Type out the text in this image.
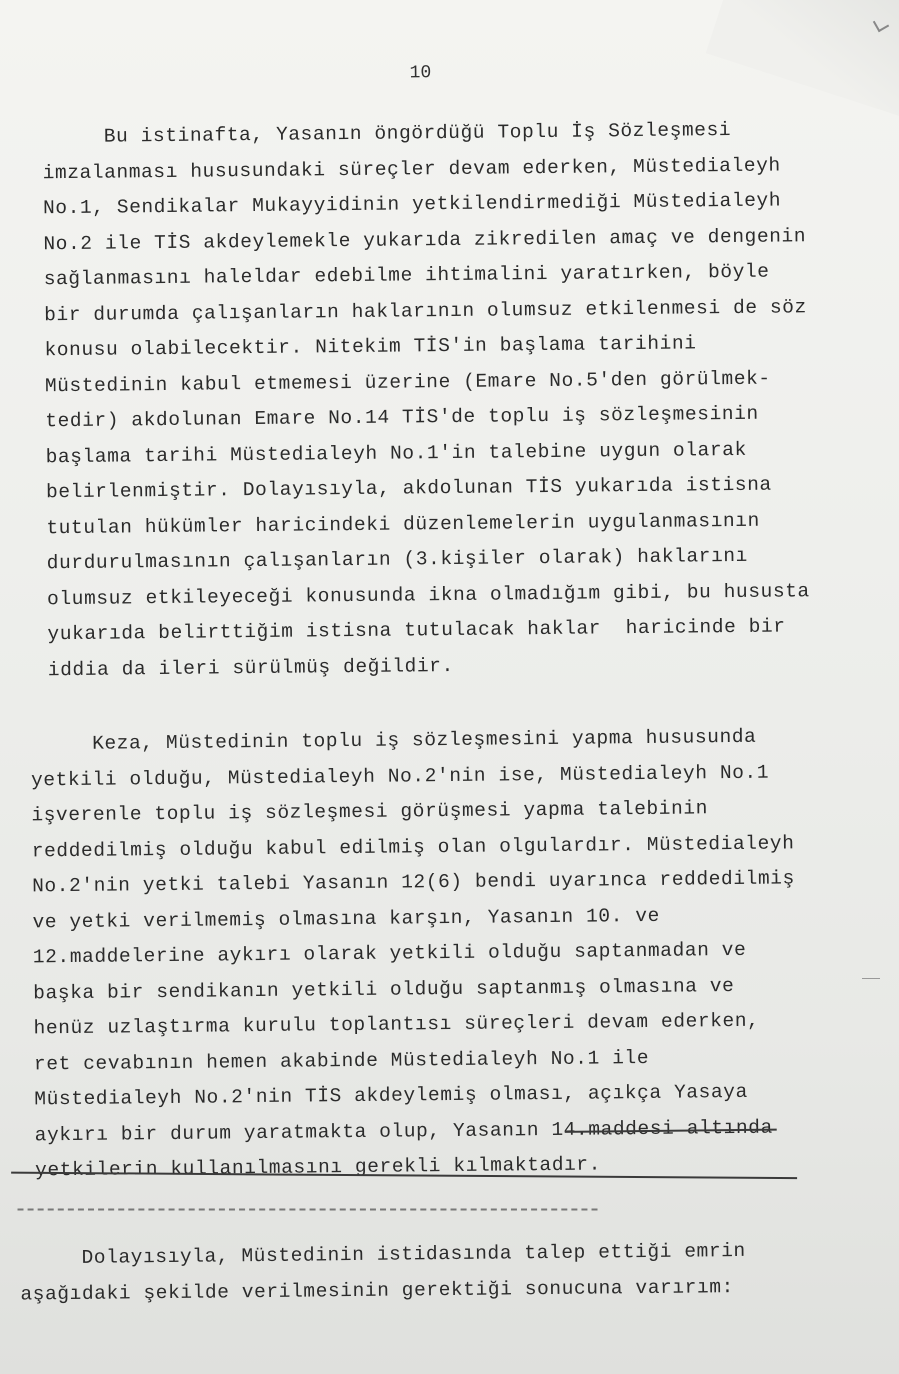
10
Bu istinafta, Yasanın öngördüğü Toplu İş Sözleşmesi
imzalanması hususundaki süreçler devam ederken, Müstedialeyh
No.1, Sendikalar Mukayyidinin yetkilendirmediği Müstedialeyh
No.2 ile TİS akdeylemekle yukarıda zikredilen amaç ve dengenin
sağlanmasını haleldar edebilme ihtimalini yaratırken, böyle
bir durumda çalışanların haklarının olumsuz etkilenmesi de söz
konusu olabilecektir. Nitekim TİS'in başlama tarihini
Müstedinin kabul etmemesi üzerine (Emare No.5'den görülmek-
tedir) akdolunan Emare No.14 TİS'de toplu iş sözleşmesinin
başlama tarihi Müstedialeyh No.1'in talebine uygun olarak
belirlenmiştir. Dolayısıyla, akdolunan TİS yukarıda istisna
tutulan hükümler haricindeki düzenlemelerin uygulanmasının
durdurulmasının çalışanların (3.kişiler olarak) haklarını
olumsuz etkileyeceği konusunda ikna olmadığım gibi, bu hususta
yukarıda belirttiğim istisna tutulacak haklar  haricinde bir
iddia da ileri sürülmüş değildir.
Keza, Müstedinin toplu iş sözleşmesini yapma hususunda
yetkili olduğu, Müstedialeyh No.2'nin ise, Müstedialeyh No.1
işverenle toplu iş sözleşmesi görüşmesi yapma talebinin
reddedilmiş olduğu kabul edilmiş olan olgulardır. Müstedialeyh
No.2'nin yetki talebi Yasanın 12(6) bendi uyarınca reddedilmiş
ve yetki verilmemiş olmasına karşın, Yasanın 10. ve
12.maddelerine aykırı olarak yetkili olduğu saptanmadan ve
başka bir sendikanın yetkili olduğu saptanmış olmasına ve
henüz uzlaştırma kurulu toplantısı süreçleri devam ederken,
ret cevabının hemen akabinde Müstedialeyh No.1 ile
Müstedialeyh No.2'nin TİS akdeylemiş olması, açıkça Yasaya
aykırı bir durum yaratmakta olup, Yasanın 14.maddesi altında
yetkilerin kullanılmasını gerekli kılmaktadır.
Dolayısıyla, Müstedinin istidasında talep ettiği emrin
aşağıdaki şekilde verilmesinin gerektiği sonucuna varırım:
